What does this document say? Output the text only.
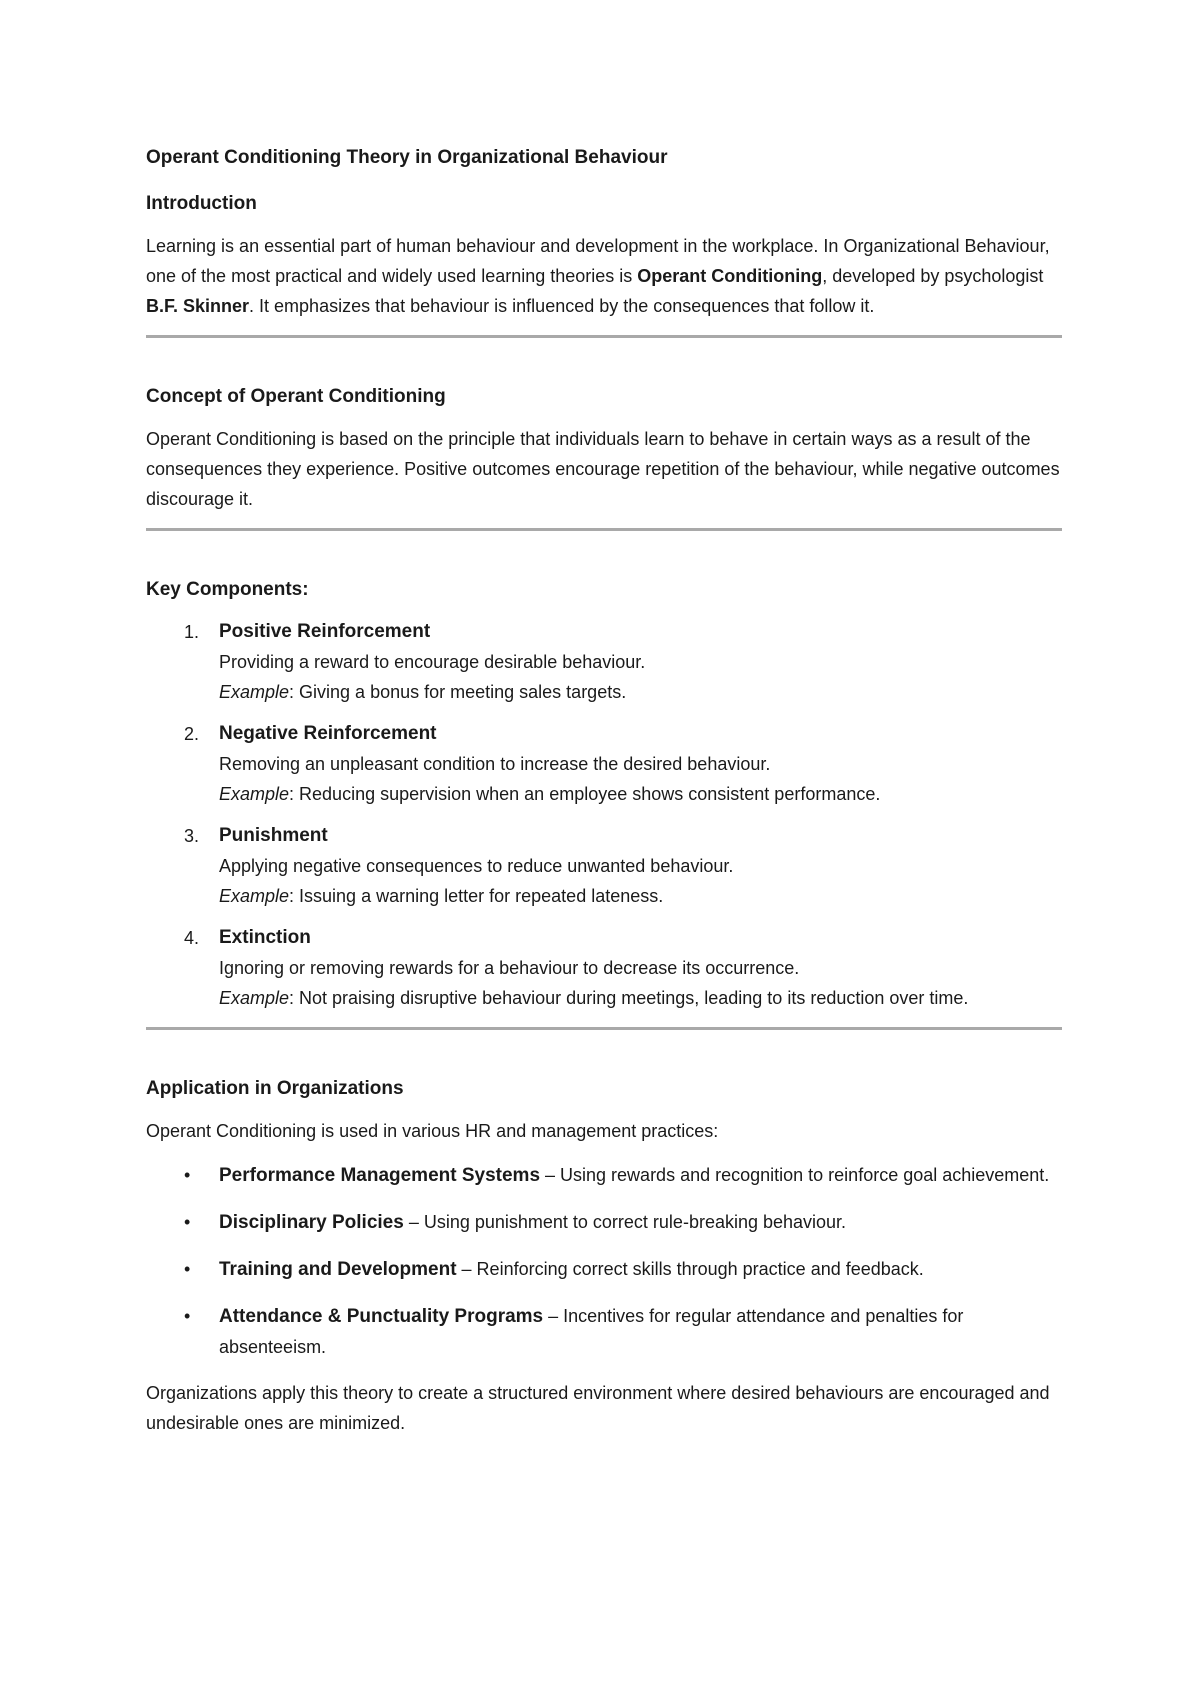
Operant Conditioning Theory in Organizational Behaviour
Introduction

Learning is an essential part of human behaviour and development in the workplace. In Organizational Behaviour, one of the most practical and widely used learning theories is Operant Conditioning, developed by psychologist B.F. Skinner. It emphasizes that behaviour is influenced by the consequences that follow it.

Concept of Operant Conditioning

Operant Conditioning is based on the principle that individuals learn to behave in certain ways as a result of the consequences they experience. Positive outcomes encourage repetition of the behaviour, while negative outcomes discourage it.

Key Components:
1. Positive Reinforcement
Providing a reward to encourage desirable behaviour.
Example: Giving a bonus for meeting sales targets.
2. Negative Reinforcement
Removing an unpleasant condition to increase the desired behaviour.
Example: Reducing supervision when an employee shows consistent performance.
3. Punishment
Applying negative consequences to reduce unwanted behaviour.
Example: Issuing a warning letter for repeated lateness.
4. Extinction
Ignoring or removing rewards for a behaviour to decrease its occurrence.
Example: Not praising disruptive behaviour during meetings, leading to its reduction over time.
Application in Organizations

Operant Conditioning is used in various HR and management practices:

• Performance Management Systems – Using rewards and recognition to reinforce goal achievement.
• Disciplinary Policies – Using punishment to correct rule-breaking behaviour.
• Training and Development – Reinforcing correct skills through practice and feedback.
• Attendance & Punctuality Programs – Incentives for regular attendance and penalties for absenteeism.

Organizations apply this theory to create a structured environment where desired behaviours are encouraged and undesirable ones are minimized.
